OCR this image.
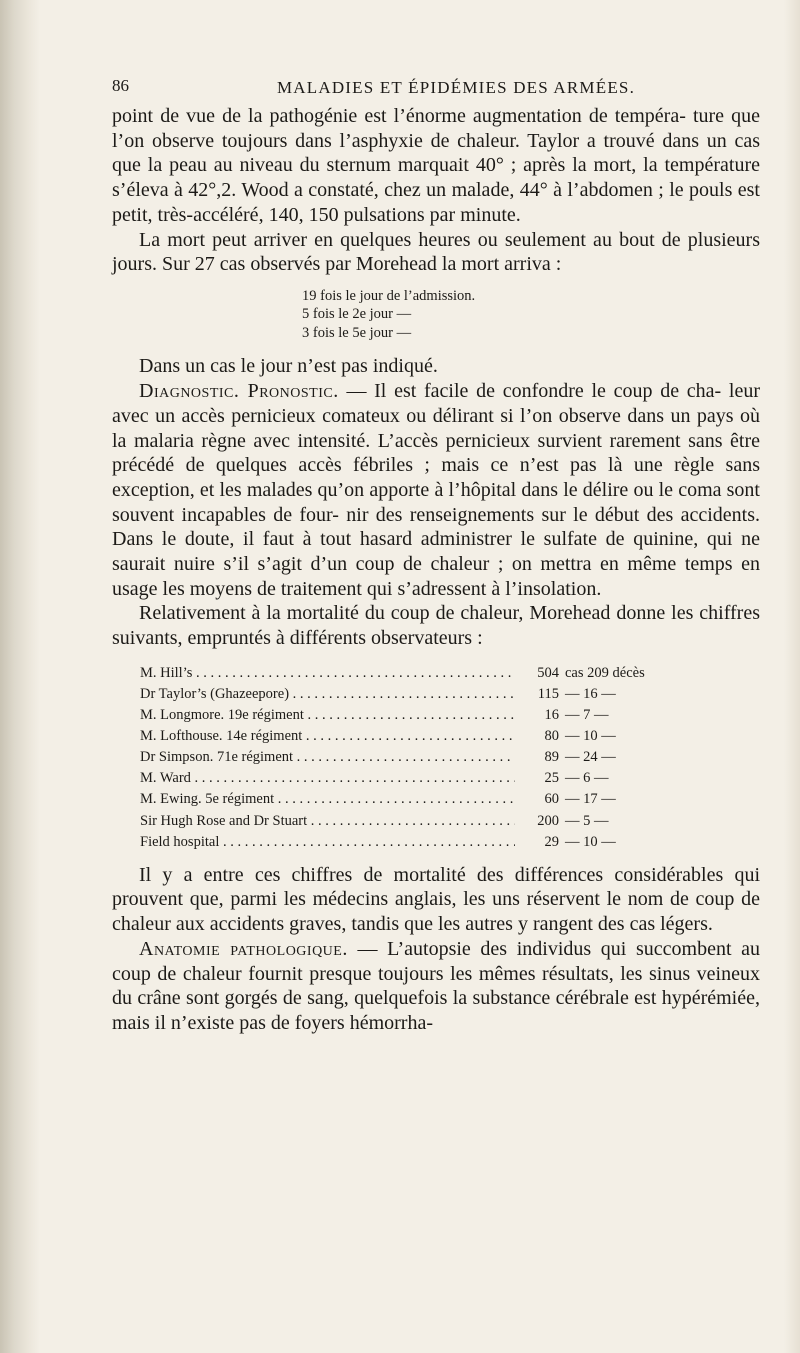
86	MALADIES ET ÉPIDÉMIES DES ARMÉES.

point de vue de la pathogénie est l’énorme augmentation de tempéra- ture que l’on observe toujours dans l’asphyxie de chaleur. Taylor a trouvé dans un cas que la peau au niveau du sternum marquait 40° ; après la mort, la température s’éleva à 42°,2. Wood a constaté, chez un malade, 44° à l’abdomen ; le pouls est petit, très-accéléré, 140, 150 pulsations par minute.

La mort peut arriver en quelques heures ou seulement au bout de plusieurs jours. Sur 27 cas observés par Morehead la mort arriva :

19 fois le jour de l’admission.
5 fois le 2e jour —
3 fois le 5e jour —

Dans un cas le jour n’est pas indiqué.

Diagnostic. Pronostic. — Il est facile de confondre le coup de cha- leur avec un accès pernicieux comateux ou délirant si l’on observe dans un pays où la malaria règne avec intensité. L’accès pernicieux survient rarement sans être précédé de quelques accès fébriles ; mais ce n’est pas là une règle sans exception, et les malades qu’on apporte à l’hôpital dans le délire ou le coma sont souvent incapables de four- nir des renseignements sur le début des accidents. Dans le doute, il faut à tout hasard administrer le sulfate de quinine, qui ne saurait nuire s’il s’agit d’un coup de chaleur ; on mettra en même temps en usage les moyens de traitement qui s’adressent à l’insolation.

Relativement à la mortalité du coup de chaleur, Morehead donne les chiffres suivants, empruntés à différents observateurs :

M. Hill’s . . .	504 cas 209 décès
Dr Taylor’s (Ghazeepore) . . .	115 — 16 —
M. Longmore. 19e régiment . . .	16 — 7 —
M. Lofthouse. 14e régiment . . .	80 — 10 —
Dr Simpson. 71e régiment . . .	89 — 24 —
M. Ward . . .	25 — 6 —
M. Ewing. 5e régiment . . .	60 — 17 —
Sir Hugh Rose and Dr Stuart . . .	200 — 5 —
Field hospital . . .	29 — 10 —

Il y a entre ces chiffres de mortalité des différences considérables qui prouvent que, parmi les médecins anglais, les uns réservent le nom de coup de chaleur aux accidents graves, tandis que les autres y rangent des cas légers.

Anatomie pathologique. — L’autopsie des individus qui succombent au coup de chaleur fournit presque toujours les mêmes résultats, les sinus veineux du crâne sont gorgés de sang, quelquefois la substance cérébrale est hypérémiée, mais il n’existe pas de foyers hémorrha-
